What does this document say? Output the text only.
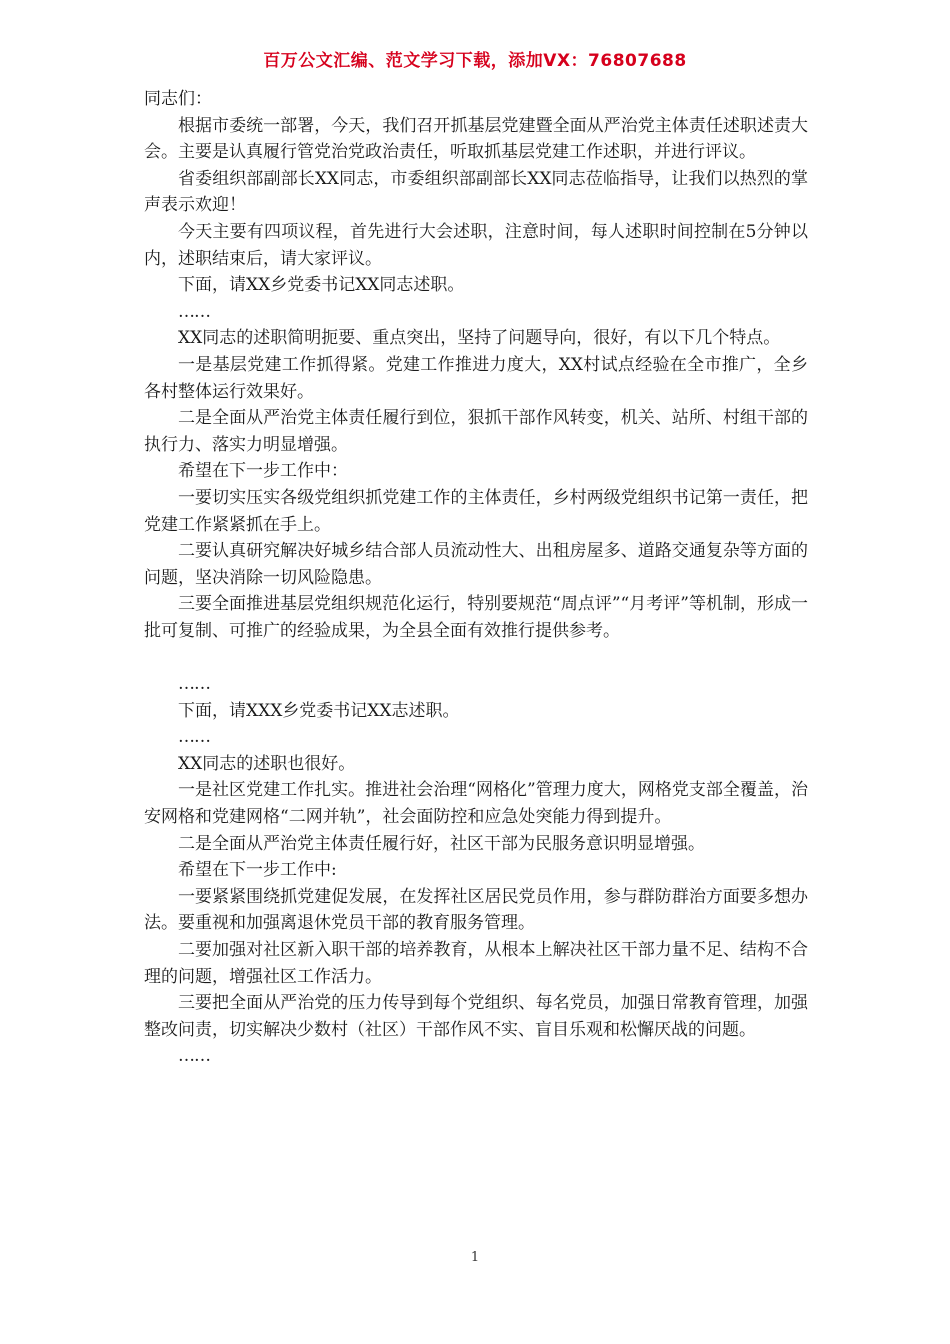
百万公文汇编、范文学习下载，添加VX：76807688

同志们：

根据市委统一部署，今天，我们召开抓基层党建暨全面从严治党主体责任述职述责大会。主要是认真履行管党治党政治责任，听取抓基层党建工作述职，并进行评议。

省委组织部副部长XX同志，市委组织部副部长XX同志莅临指导，让我们以热烈的掌声表示欢迎！

今天主要有四项议程，首先进行大会述职，注意时间，每人述职时间控制在5分钟以内，述职结束后，请大家评议。

下面，请XX乡党委书记XX同志述职。

……

XX同志的述职简明扼要、重点突出，坚持了问题导向，很好，有以下几个特点。

一是基层党建工作抓得紧。党建工作推进力度大，XX村试点经验在全市推广，全乡各村整体运行效果好。

二是全面从严治党主体责任履行到位，狠抓干部作风转变，机关、站所、村组干部的执行力、落实力明显增强。

希望在下一步工作中：

一要切实压实各级党组织抓党建工作的主体责任，乡村两级党组织书记第一责任，把党建工作紧紧抓在手上。

二要认真研究解决好城乡结合部人员流动性大、出租房屋多、道路交通复杂等方面的问题，坚决消除一切风险隐患。

三要全面推进基层党组织规范化运行，特别要规范“周点评”“月考评”等机制，形成一批可复制、可推广的经验成果，为全县全面有效推行提供参考。

……

下面，请XXX乡党委书记XX志述职。

……

XX同志的述职也很好。

一是社区党建工作扎实。推进社会治理“网格化”管理力度大，网格党支部全覆盖，治安网格和党建网格“二网并轨”，社会面防控和应急处突能力得到提升。

二是全面从严治党主体责任履行好，社区干部为民服务意识明显增强。

希望在下一步工作中:

一要紧紧围绕抓党建促发展，在发挥社区居民党员作用，参与群防群治方面要多想办法。要重视和加强离退休党员干部的教育服务管理。

二要加强对社区新入职干部的培养教育，从根本上解决社区干部力量不足、结构不合理的问题，增强社区工作活力。

三要把全面从严治党的压力传导到每个党组织、每名党员，加强日常教育管理，加强整改问责，切实解决少数村（社区）干部作风不实、盲目乐观和松懈厌战的问题。

……

1
